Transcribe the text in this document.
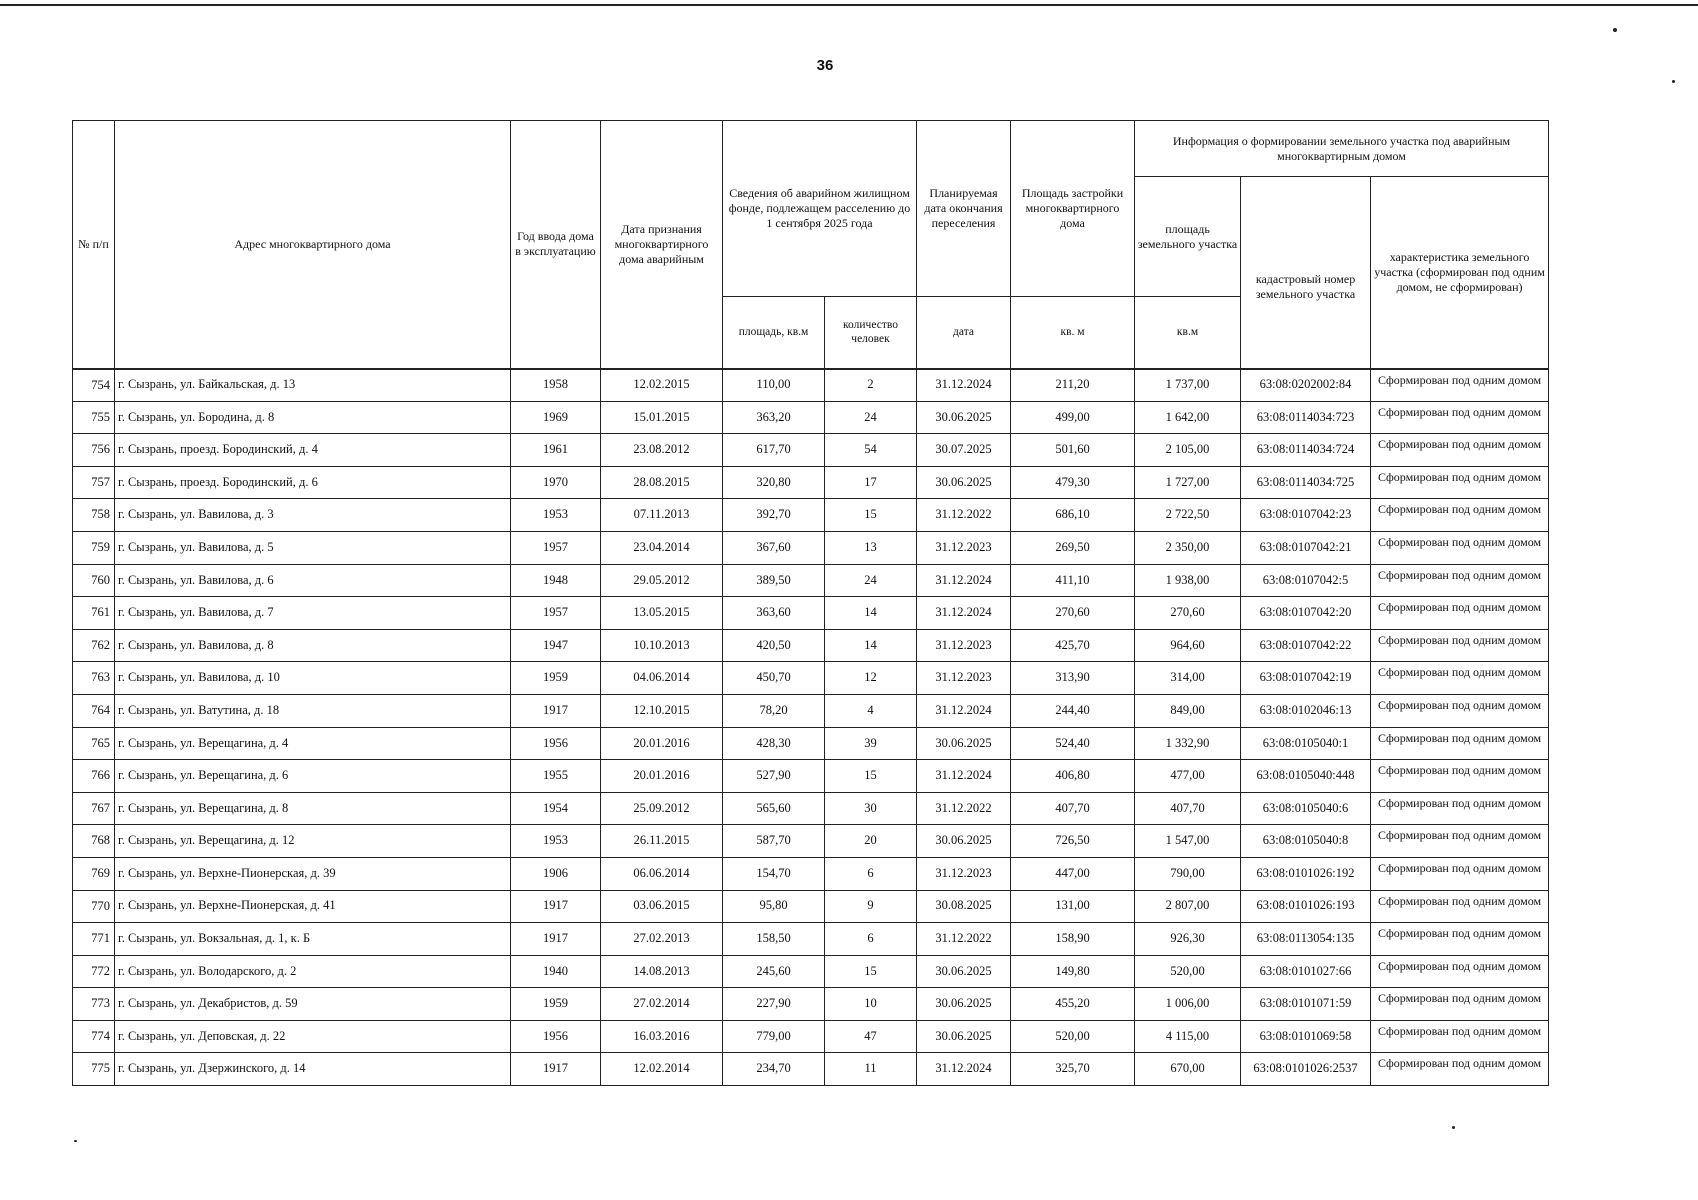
36
№ п/п	Адрес многоквартирного дома	Год ввода дома в эксплуатацию	Дата признания многоквартирного дома аварийным	Сведения об аварийном жилищном фонде, подлежащем расселению до 1 сентября 2025 года		Планируемая дата окончания переселения	Площадь застройки многоквартирного дома	Информация о формировании земельного участка под аварийным многоквартирным домом		
								площадь земельного участка	кадастровый номер земельного участка	характеристика земельного участка (сформирован под одним домом, не сформирован)
				площадь, кв.м	количество человек	дата	кв. м	кв.м		
754	г. Сызрань, ул. Байкальская, д. 13	1958	12.02.2015	110,00	2	31.12.2024	211,20	1 737,00	63:08:0202002:84	Сформирован под одним домом
755	г. Сызрань, ул. Бородина, д. 8	1969	15.01.2015	363,20	24	30.06.2025	499,00	1 642,00	63:08:0114034:723	Сформирован под одним домом
756	г. Сызрань, проезд. Бородинский, д. 4	1961	23.08.2012	617,70	54	30.07.2025	501,60	2 105,00	63:08:0114034:724	Сформирован под одним домом
757	г. Сызрань, проезд. Бородинский, д. 6	1970	28.08.2015	320,80	17	30.06.2025	479,30	1 727,00	63:08:0114034:725	Сформирован под одним домом
758	г. Сызрань, ул. Вавилова, д. 3	1953	07.11.2013	392,70	15	31.12.2022	686,10	2 722,50	63:08:0107042:23	Сформирован под одним домом
759	г. Сызрань, ул. Вавилова, д. 5	1957	23.04.2014	367,60	13	31.12.2023	269,50	2 350,00	63:08:0107042:21	Сформирован под одним домом
760	г. Сызрань, ул. Вавилова, д. 6	1948	29.05.2012	389,50	24	31.12.2024	411,10	1 938,00	63:08:0107042:5	Сформирован под одним домом
761	г. Сызрань, ул. Вавилова, д. 7	1957	13.05.2015	363,60	14	31.12.2024	270,60	270,60	63:08:0107042:20	Сформирован под одним домом
762	г. Сызрань, ул. Вавилова, д. 8	1947	10.10.2013	420,50	14	31.12.2023	425,70	964,60	63:08:0107042:22	Сформирован под одним домом
763	г. Сызрань, ул. Вавилова, д. 10	1959	04.06.2014	450,70	12	31.12.2023	313,90	314,00	63:08:0107042:19	Сформирован под одним домом
764	г. Сызрань, ул. Ватутина, д. 18	1917	12.10.2015	78,20	4	31.12.2024	244,40	849,00	63:08:0102046:13	Сформирован под одним домом
765	г. Сызрань, ул. Верещагина, д. 4	1956	20.01.2016	428,30	39	30.06.2025	524,40	1 332,90	63:08:0105040:1	Сформирован под одним домом
766	г. Сызрань, ул. Верещагина, д. 6	1955	20.01.2016	527,90	15	31.12.2024	406,80	477,00	63:08:0105040:448	Сформирован под одним домом
767	г. Сызрань, ул. Верещагина, д. 8	1954	25.09.2012	565,60	30	31.12.2022	407,70	407,70	63:08:0105040:6	Сформирован под одним домом
768	г. Сызрань, ул. Верещагина, д. 12	1953	26.11.2015	587,70	20	30.06.2025	726,50	1 547,00	63:08:0105040:8	Сформирован под одним домом
769	г. Сызрань, ул. Верхне-Пионерская, д. 39	1906	06.06.2014	154,70	6	31.12.2023	447,00	790,00	63:08:0101026:192	Сформирован под одним домом
770	г. Сызрань, ул. Верхне-Пионерская, д. 41	1917	03.06.2015	95,80	9	30.08.2025	131,00	2 807,00	63:08:0101026:193	Сформирован под одним домом
771	г. Сызрань, ул. Вокзальная, д. 1, к. Б	1917	27.02.2013	158,50	6	31.12.2022	158,90	926,30	63:08:0113054:135	Сформирован под одним домом
772	г. Сызрань, ул. Володарского, д. 2	1940	14.08.2013	245,60	15	30.06.2025	149,80	520,00	63:08:0101027:66	Сформирован под одним домом
773	г. Сызрань, ул. Декабристов, д. 59	1959	27.02.2014	227,90	10	30.06.2025	455,20	1 006,00	63:08:0101071:59	Сформирован под одним домом
774	г. Сызрань, ул. Деповская, д. 22	1956	16.03.2016	779,00	47	30.06.2025	520,00	4 115,00	63:08:0101069:58	Сформирован под одним домом
775	г. Сызрань, ул. Дзержинского, д. 14	1917	12.02.2014	234,70	11	31.12.2024	325,70	670,00	63:08:0101026:2537	Сформирован под одним домом
